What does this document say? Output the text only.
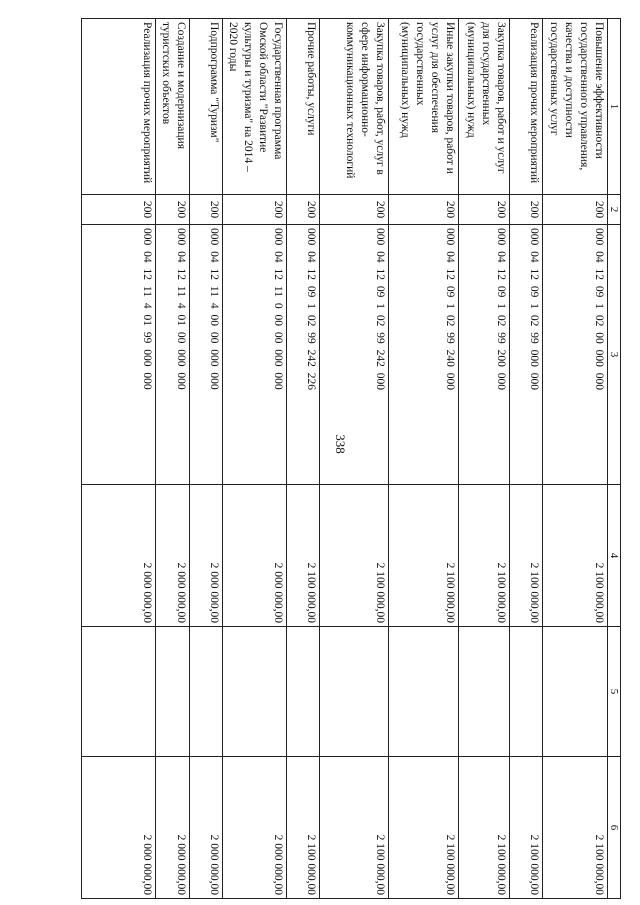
338
1	2	3	4	5	6
Повышение эффективности государственного управления, качества и доступности государственных услуг	200	000 04 12 09 1 02 00 000 000	2 100 000,00		2 100 000,00
Реализация прочих мероприятий	200	000 04 12 09 1 02 99 000 000	2 100 000,00		2 100 000,00
Закупка товаров, работ и услуг для государственных (муниципальных) нужд	200	000 04 12 09 1 02 99 200 000	2 100 000,00		2 100 000,00
Иные закупки товаров, работ и услуг для обеспечения государственных (муниципальных) нужд	200	000 04 12 09 1 02 99 240 000	2 100 000,00		2 100 000,00
Закупка товаров, работ, услуг в сфере информационно-коммуникационных технологий	200	000 04 12 09 1 02 99 242 000	2 100 000,00		2 100 000,00
Прочие работы, услуги	200	000 04 12 09 1 02 99 242 226	2 100 000,00		2 100 000,00
Государственная программа Омской области "Развитие культуры и туризма" на 2014 – 2020 годы	200	000 04 12 11 0 00 00 000 000	2 000 000,00		2 000 000,00
Подпрограмма "Туризм"	200	000 04 12 11 4 00 00 000 000	2 000 000,00		2 000 000,00
Создание и модернизация туристских объектов	200	000 04 12 11 4 01 00 000 000	2 000 000,00		2 000 000,00
Реализация прочих мероприятий	200	000 04 12 11 4 01 99 000 000	2 000 000,00		2 000 000,00
